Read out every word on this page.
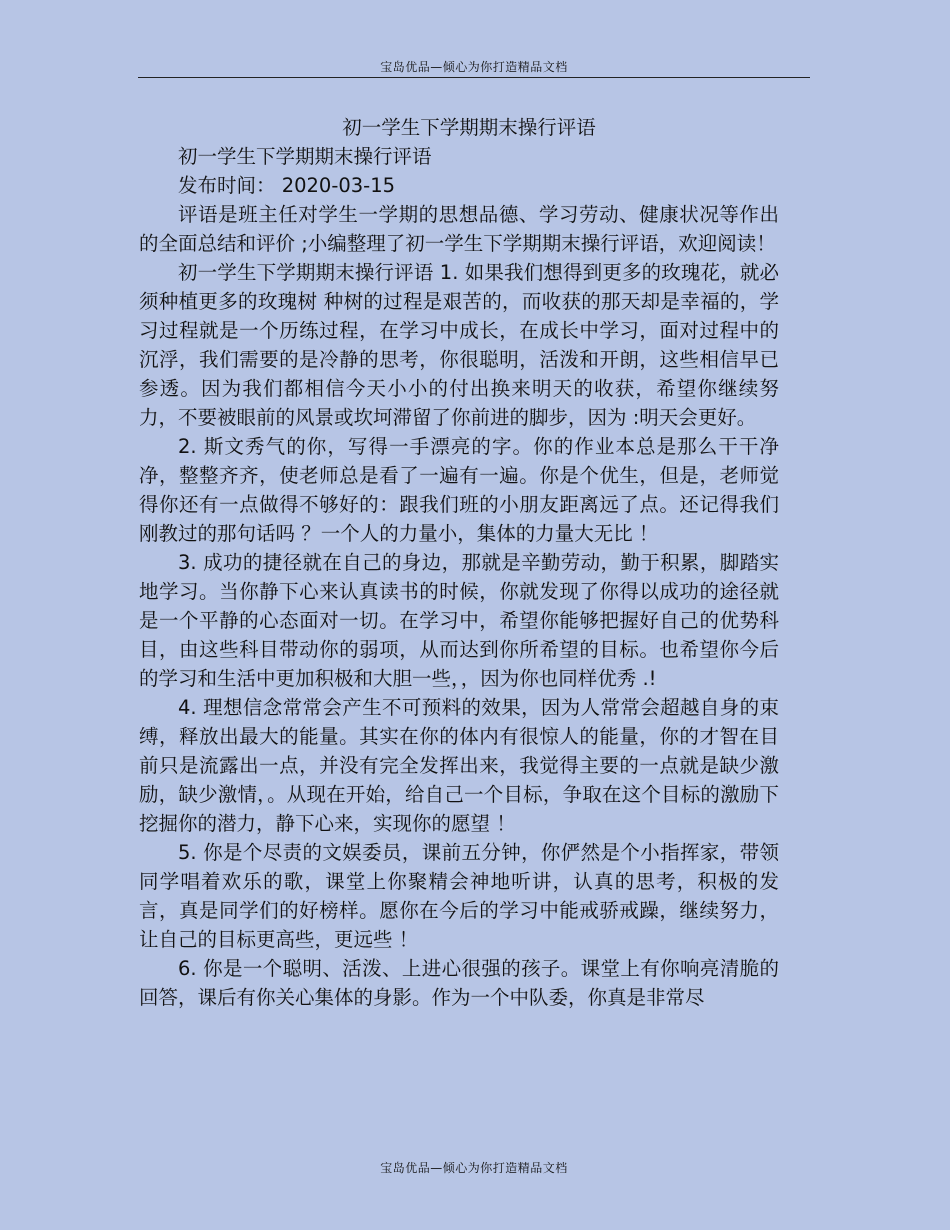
宝岛优品—倾心为你打造精品文档

初一学生下学期期末操行评语

初一学生下学期期末操行评语

发布时间： 2020-03-15

评语是班主任对学生一学期的思想品德、学习劳动、健康状况等作出的全面总结和评价 ;小编整理了初一学生下学期期末操行评语，欢迎阅读！

初一学生下学期期末操行评语 1. 如果我们想得到更多的玫瑰花，就必须种植更多的玫瑰树 种树的过程是艰苦的，而收获的那天却是幸福的，学习过程就是一个历练过程，在学习中成长，在成长中学习，面对过程中的沉浮，我们需要的是冷静的思考，你很聪明，活泼和开朗，这些相信早已参透。因为我们都相信今天小小的付出换来明天的收获，希望你继续努力，不要被眼前的风景或坎坷滞留了你前进的脚步，因为 :明天会更好。

2. 斯文秀气的你，写得一手漂亮的字。你的作业本总是那么干干净净，整整齐齐，使老师总是看了一遍有一遍。你是个优生，但是，老师觉得你还有一点做得不够好的：跟我们班的小朋友距离远了点。还记得我们刚教过的那句话吗 ？一个人的力量小，集体的力量大无比 ！

3. 成功的捷径就在自己的身边，那就是辛勤劳动，勤于积累，脚踏实地学习。当你静下心来认真读书的时候，你就发现了你得以成功的途径就是一个平静的心态面对一切。在学习中，希望你能够把握好自己的优势科目，由这些科目带动你的弱项，从而达到你所希望的目标。也希望你今后的学习和生活中更加积极和大胆一些，，因为你也同样优秀 .!

4. 理想信念常常会产生不可预料的效果，因为人常常会超越自身的束缚，释放出最大的能量。其实在你的体内有很惊人的能量，你的才智在目前只是流露出一点，并没有完全发挥出来，我觉得主要的一点就是缺少激励，缺少激情，。从现在开始，给自己一个目标，争取在这个目标的激励下挖掘你的潜力，静下心来，实现你的愿望 ！

5. 你是个尽责的文娱委员，课前五分钟，你俨然是个小指挥家，带领同学唱着欢乐的歌，课堂上你聚精会神地听讲，认真的思考，积极的发言，真是同学们的好榜样。愿你在今后的学习中能戒骄戒躁，继续努力，让自己的目标更高些，更远些 ！

6. 你是一个聪明、活泼、上进心很强的孩子。课堂上有你响亮清脆的回答，课后有你关心集体的身影。作为一个中队委，你真是非常尽

宝岛优品—倾心为你打造精品文档
